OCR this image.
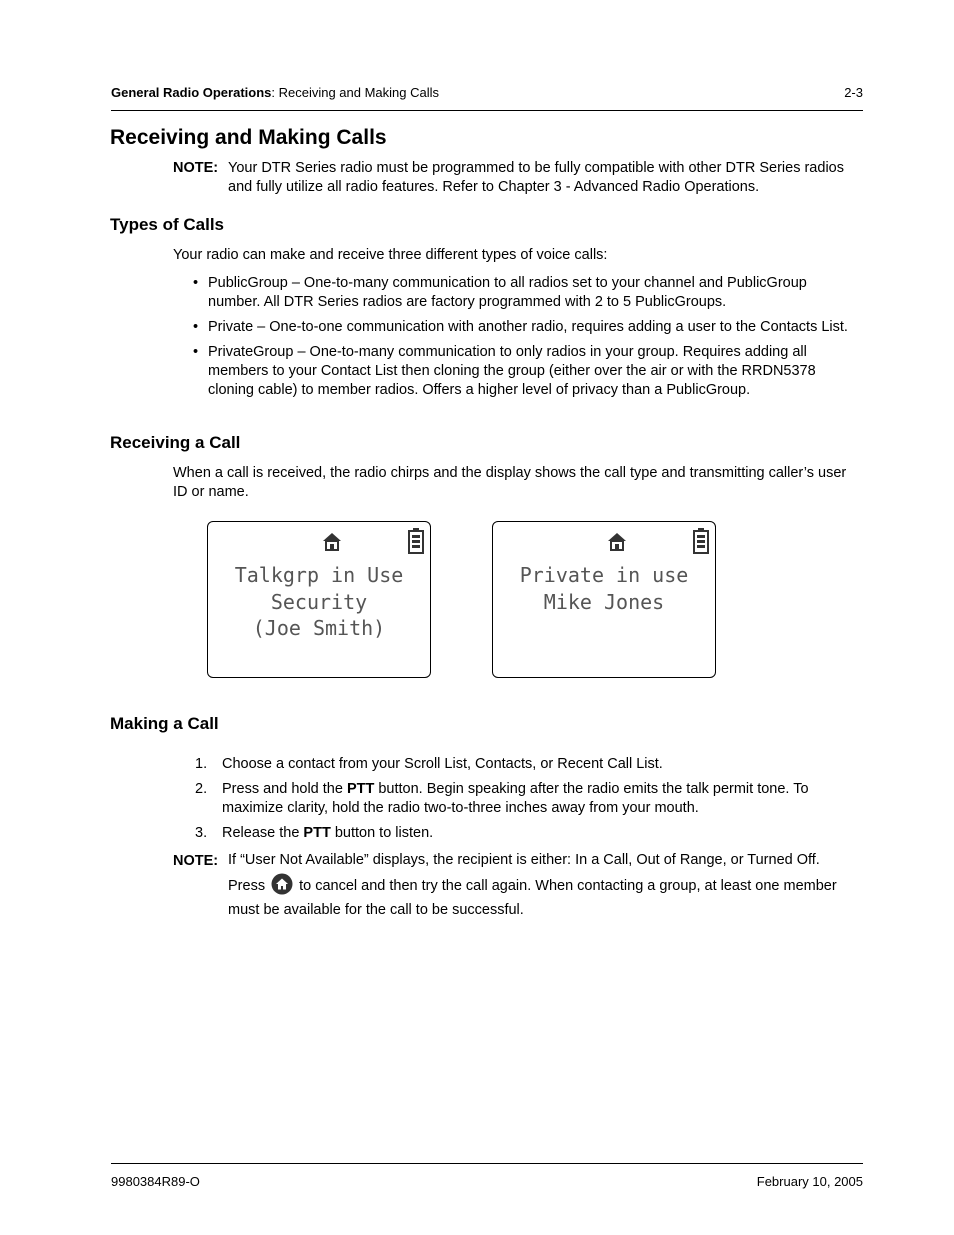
General Radio Operations: Receiving and Making Calls	2-3
Receiving and Making Calls
NOTE: Your DTR Series radio must be programmed to be fully compatible with other DTR Series radios and fully utilize all radio features. Refer to Chapter 3 - Advanced Radio Operations.
Types of Calls
Your radio can make and receive three different types of voice calls:
• PublicGroup – One-to-many communication to all radios set to your channel and PublicGroup number. All DTR Series radios are factory programmed with 2 to 5 PublicGroups.
• Private – One-to-one communication with another radio, requires adding a user to the Contacts List.
• PrivateGroup – One-to-many communication to only radios in your group. Requires adding all members to your Contact List then cloning the group (either over the air or with the RRDN5378 cloning cable) to member radios. Offers a higher level of privacy than a PublicGroup.
Receiving a Call
When a call is received, the radio chirps and the display shows the call type and transmitting caller’s user ID or name.
Talkgrp in Use
Security
(Joe Smith)
Private in use
Mike Jones
Making a Call
1. Choose a contact from your Scroll List, Contacts, or Recent Call List.
2. Press and hold the PTT button. Begin speaking after the radio emits the talk permit tone. To maximize clarity, hold the radio two-to-three inches away from your mouth.
3. Release the PTT button to listen.
NOTE: If “User Not Available” displays, the recipient is either: In a Call, Out of Range, or Turned Off.
Press to cancel and then try the call again. When contacting a group, at least one member must be available for the call to be successful.
9980384R89-O	February 10, 2005
